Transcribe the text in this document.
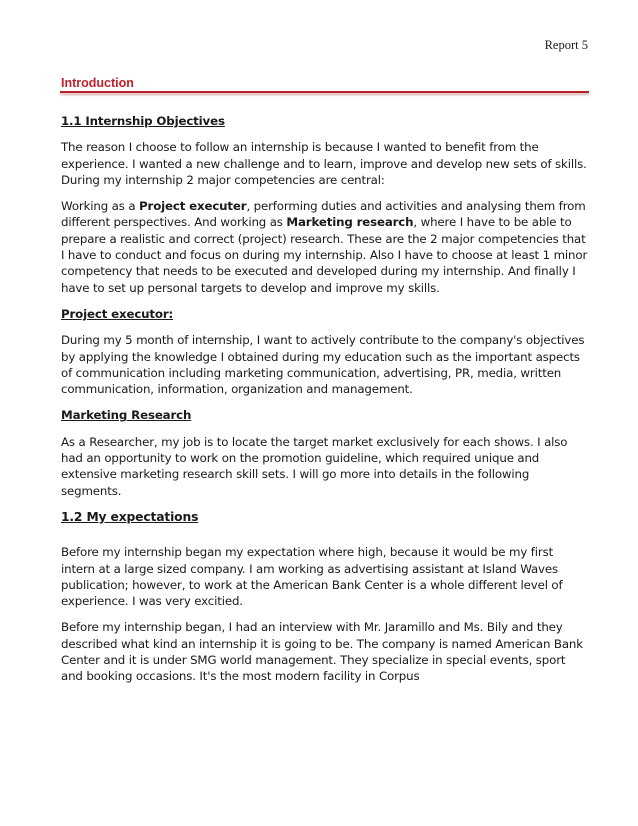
Report 5
Introduction

1.1 Internship Objectives

The reason I choose to follow an internship is because I wanted to benefit from the experience. I wanted a new challenge and to learn, improve and develop new sets of skills. During my internship 2 major competencies are central:

Working as a Project executer, performing duties and activities and analysing them from different perspectives. And working as Marketing research, where I have to be able to prepare a realistic and correct (project) research. These are the 2 major competencies that I have to conduct and focus on during my internship. Also I have to choose at least 1 minor competency that needs to be executed and developed during my internship. And finally I have to set up personal targets to develop and improve my skills.

Project executor:

During my 5 month of internship, I want to actively contribute to the company's objectives by applying the knowledge I obtained during my education such as the important aspects of communication including marketing communication, advertising, PR, media, written communication, information, organization and management.

Marketing Research

As a Researcher, my job is to locate the target market exclusively for each shows. I also had an opportunity to work on the promotion guideline, which required unique and extensive marketing research skill sets. I will go more into details in the following segments.

1.2 My expectations

Before my internship began my expectation where high, because it would be my first intern at a large sized company. I am working as advertising assistant at Island Waves publication; however, to work at the American Bank Center is a whole different level of experience. I was very excitied.

Before my internship began, I had an interview with Mr. Jaramillo and Ms. Bily and they described what kind an internship it is going to be. The company is named American Bank Center and it is under SMG world management. They specialize in special events, sport and booking occasions. It's the most modern facility in Corpus
